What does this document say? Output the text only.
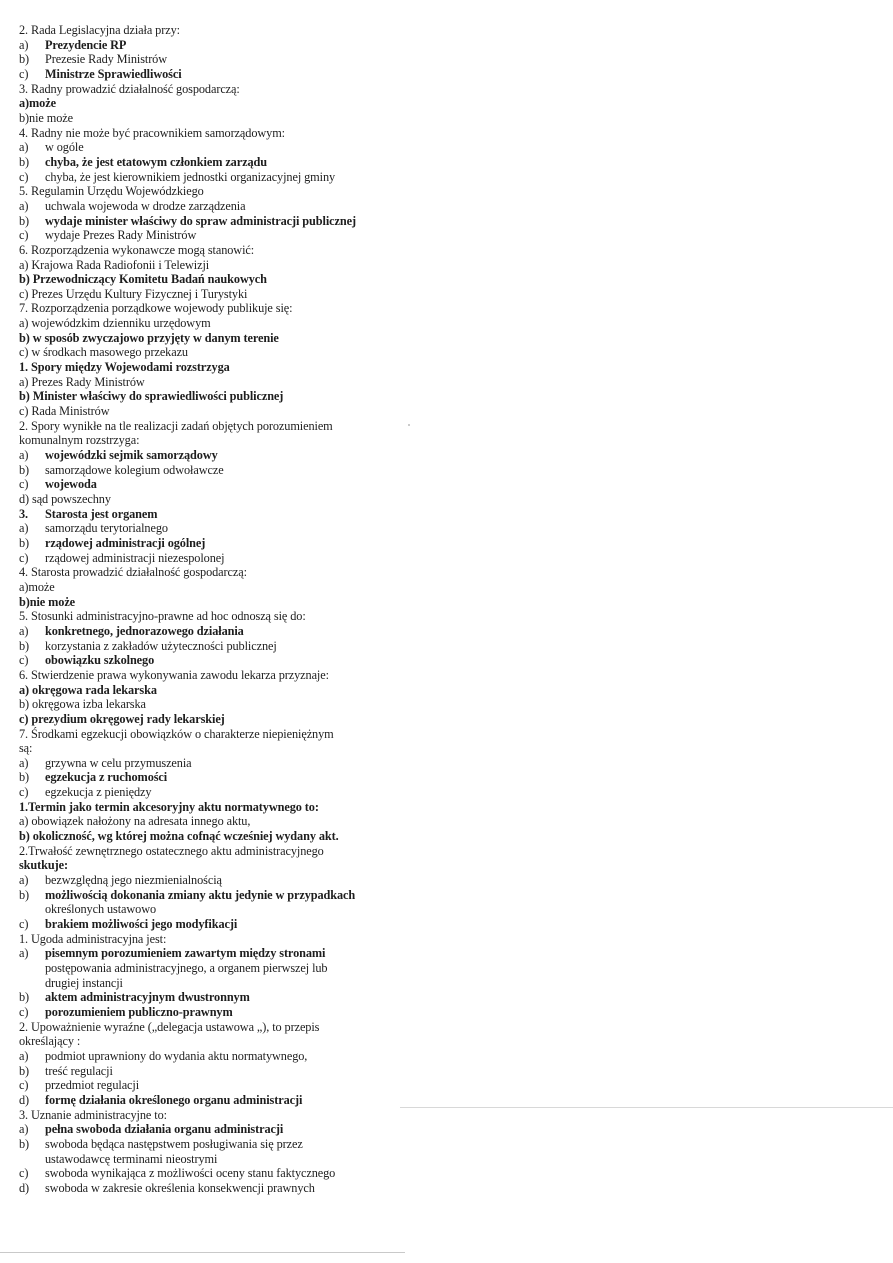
2. Rada Legislacyjna działa przy:
a)	Prezydencie RP
b)	Prezesie Rady Ministrów
c)	Ministrze Sprawiedliwości
3. Radny prowadzić działalność gospodarczą:
a)może
b)nie może
4. Radny nie może być pracownikiem samorządowym:
a)	w ogóle
b)	chyba, że jest etatowym członkiem zarządu
c)	chyba, że jest kierownikiem jednostki organizacyjnej gminy
5. Regulamin Urzędu Wojewódzkiego
a)	uchwala wojewoda w drodze zarządzenia
b)	wydaje minister właściwy do spraw administracji publicznej
c)	wydaje Prezes Rady Ministrów
6. Rozporządzenia wykonawcze mogą stanowić:
a) Krajowa Rada Radiofonii i Telewizji
b) Przewodniczący Komitetu Badań naukowych
c) Prezes Urzędu Kultury Fizycznej i Turystyki
7. Rozporządzenia porządkowe wojewody publikuje się:
a) wojewódzkim dzienniku urzędowym
b) w sposób zwyczajowo przyjęty w danym terenie
c) w środkach masowego przekazu
1. Spory między Wojewodami rozstrzyga
a) Prezes Rady Ministrów
b) Minister właściwy do sprawiedliwości publicznej
c) Rada Ministrów
2. Spory wynikłe na tle realizacji zadań objętych porozumieniem
komunalnym rozstrzyga:
a)	wojewódzki sejmik samorządowy
b)	samorządowe kolegium odwoławcze
c)	wojewoda
d) sąd powszechny
3.	Starosta jest organem
a)	samorządu terytorialnego
b)	rządowej administracji ogólnej
c)	rządowej administracji niezespolonej
4. Starosta prowadzić działalność gospodarczą:
a)może
b)nie może
5. Stosunki administracyjno-prawne ad hoc odnoszą się do:
a)	konkretnego, jednorazowego działania
b)	korzystania z zakładów użyteczności publicznej
c)	obowiązku szkolnego
6. Stwierdzenie prawa wykonywania zawodu lekarza przyznaje:
a) okręgowa rada lekarska
b) okręgowa izba lekarska
c) prezydium okręgowej rady lekarskiej
7. Środkami egzekucji obowiązków o charakterze niepieniężnym
są:
a)	grzywna w celu przymuszenia
b)	egzekucja z ruchomości
c)	egzekucja z pieniędzy
1.Termin jako termin akcesoryjny aktu normatywnego to:
a) obowiązek nałożony na adresata innego aktu,
b) okoliczność, wg której można cofnąć wcześniej wydany akt.
2.Trwałość zewnętrznego ostatecznego aktu administracyjnego
skutkuje:
a)	bezwzględną jego niezmienialnością
b)	możliwością dokonania zmiany aktu jedynie w przypadkach
określonych ustawowo
c)	brakiem możliwości jego modyfikacji
1. Ugoda administracyjna jest:
a)	pisemnym porozumieniem zawartym między stronami
postępowania administracyjnego, a organem pierwszej lub
drugiej instancji
b)	aktem administracyjnym dwustronnym
c)	porozumieniem publiczno-prawnym
2. Upoważnienie wyraźne („delegacja ustawowa „), to przepis
określający :
a)	podmiot uprawniony do wydania aktu normatywnego,
b)	treść regulacji
c)	przedmiot regulacji
d)	formę działania określonego organu administracji
3. Uznanie administracyjne to:
a)	pełna swoboda działania organu administracji
b)	swoboda będąca następstwem posługiwania się przez
ustawodawcę terminami nieostrymi
c)	swoboda wynikająca z możliwości oceny stanu faktycznego
d)	swoboda w zakresie określenia konsekwencji prawnych
